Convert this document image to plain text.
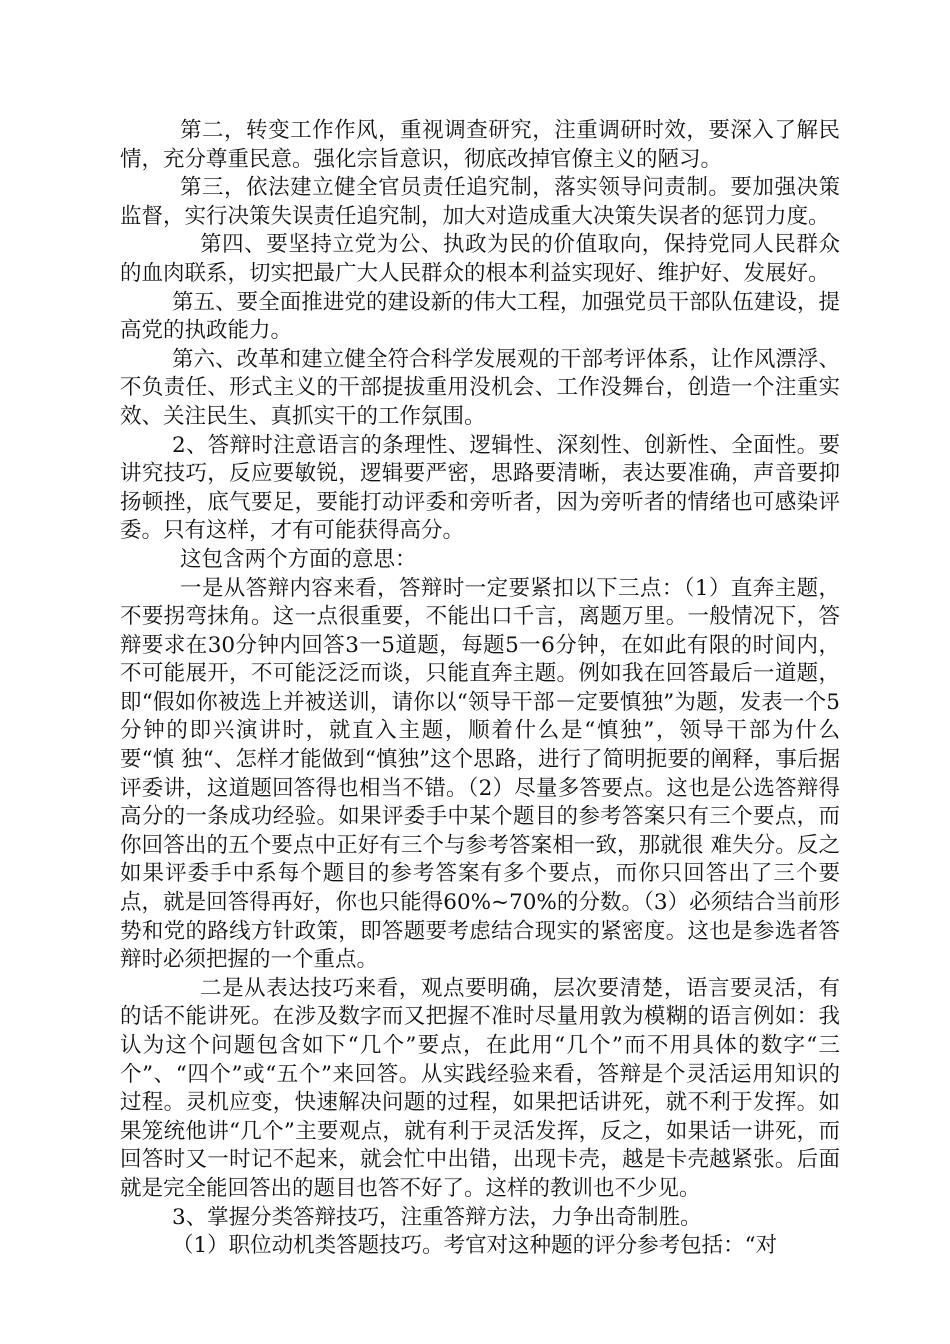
第二，转变工作作风，重视调查研究，注重调研时效，要深入了解民情，充分尊重民意。强化宗旨意识，彻底改掉官僚主义的陋习。

第三，依法建立健全官员责任追究制，落实领导问责制。要加强决策监督，实行决策失误责任追究制，加大对造成重大决策失误者的惩罚力度。

第四、要坚持立党为公、执政为民的价值取向，保持党同人民群众的血肉联系，切实把最广大人民群众的根本利益实现好、维护好、发展好。

第五、要全面推进党的建设新的伟大工程，加强党员干部队伍建设，提高党的执政能力。

第六、改革和建立健全符合科学发展观的干部考评体系，让作风漂浮、不负责任、形式主义的干部提拔重用没机会、工作没舞台，创造一个注重实效、关注民生、真抓实干的工作氛围。

2、答辩时注意语言的条理性、逻辑性、深刻性、创新性、全面性。要讲究技巧，反应要敏锐，逻辑要严密，思路要清晰，表达要准确，声音要抑扬顿挫，底气要足，要能打动评委和旁听者，因为旁听者的情绪也可感染评委。只有这样，才有可能获得高分。

这包含两个方面的意思：

一是从答辩内容来看，答辩时一定要紧扣以下三点：（1）直奔主题，不要拐弯抹角。这一点很重要，不能出口千言，离题万里。一般情况下，答辩要求在30分钟内回答3一5道题，每题5一6分钟，在如此有限的时间内，不可能展开，不可能泛泛而谈，只能直奔主题。例如我在回答最后一道题，即“假如你被选上并被送训，请你以“领导干部－定要慎独”为题，发表一个5分钟的即兴演讲时，就直入主题，顺着什么是“慎独”，领导干部为什么要“慎 独“、怎样才能做到“慎独”这个思路，进行了简明扼要的阐释，事后据评委讲，这道题回答得也相当不错。（2）尽量多答要点。这也是公选答辩得高分的一条成功经验。如果评委手中某个题目的参考答案只有三个要点，而你回答出的五个要点中正好有三个与参考答案相一致，那就很 难失分。反之如果评委手中系每个题目的参考答案有多个要点，而你只回答出了三个要点，就是回答得再好，你也只能得60%~70%的分数。（3）必须结合当前形势和党的路线方针政策，即答题要考虑结合现实的紧密度。这也是参选者答辩时必须把握的一个重点。

二是从表达技巧来看，观点要明确，层次要清楚，语言要灵活，有的话不能讲死。在涉及数字而又把握不准时尽量用敦为模糊的语言例如：我认为这个问题包含如下“几个”要点，在此用“几个”而不用具体的数字“三个”、“四个”或“五个”来回答。从实践经验来看，答辩是个灵活运用知识的过程。灵机应变，快速解决问题的过程，如果把话讲死，就不利于发挥。如果笼统他讲“几个”主要观点，就有利于灵活发挥，反之，如果话一讲死，而回答时又一时记不起来，就会忙中出错，出现卡壳，越是卡壳越紧张。后面就是完全能回答出的题目也答不好了。这样的教训也不少见。

3、掌握分类答辩技巧，注重答辩方法，力争出奇制胜。

（1）职位动机类答题技巧。考官对这种题的评分参考包括：“对
